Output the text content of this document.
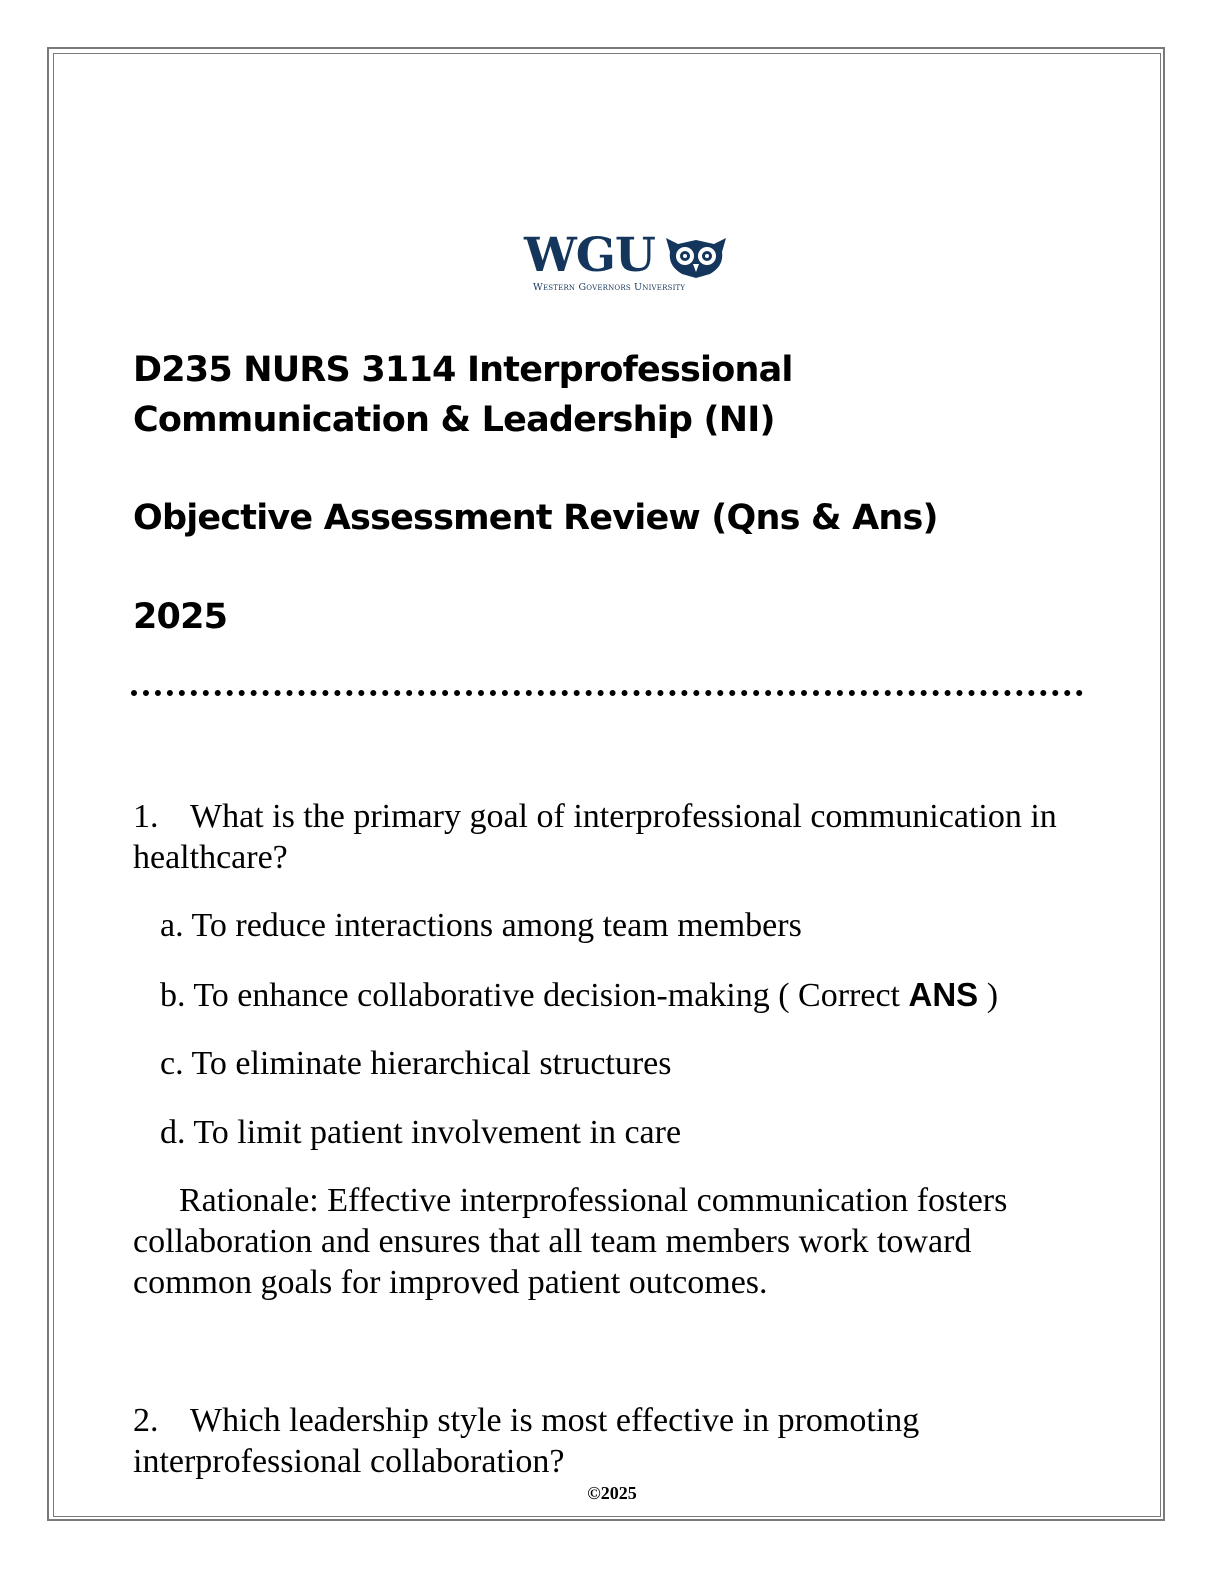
WGU
Western Governors University
D235 NURS 3114 Interprofessional
Communication & Leadership (NI)
Objective Assessment Review (Qns & Ans)
2025

1. What is the primary goal of interprofessional communication in healthcare?

a. To reduce interactions among team members

b. To enhance collaborative decision-making ( Correct ANS )

c. To eliminate hierarchical structures

d. To limit patient involvement in care

Rationale: Effective interprofessional communication fosters collaboration and ensures that all team members work toward common goals for improved patient outcomes.

2. Which leadership style is most effective in promoting interprofessional collaboration?

©2025
